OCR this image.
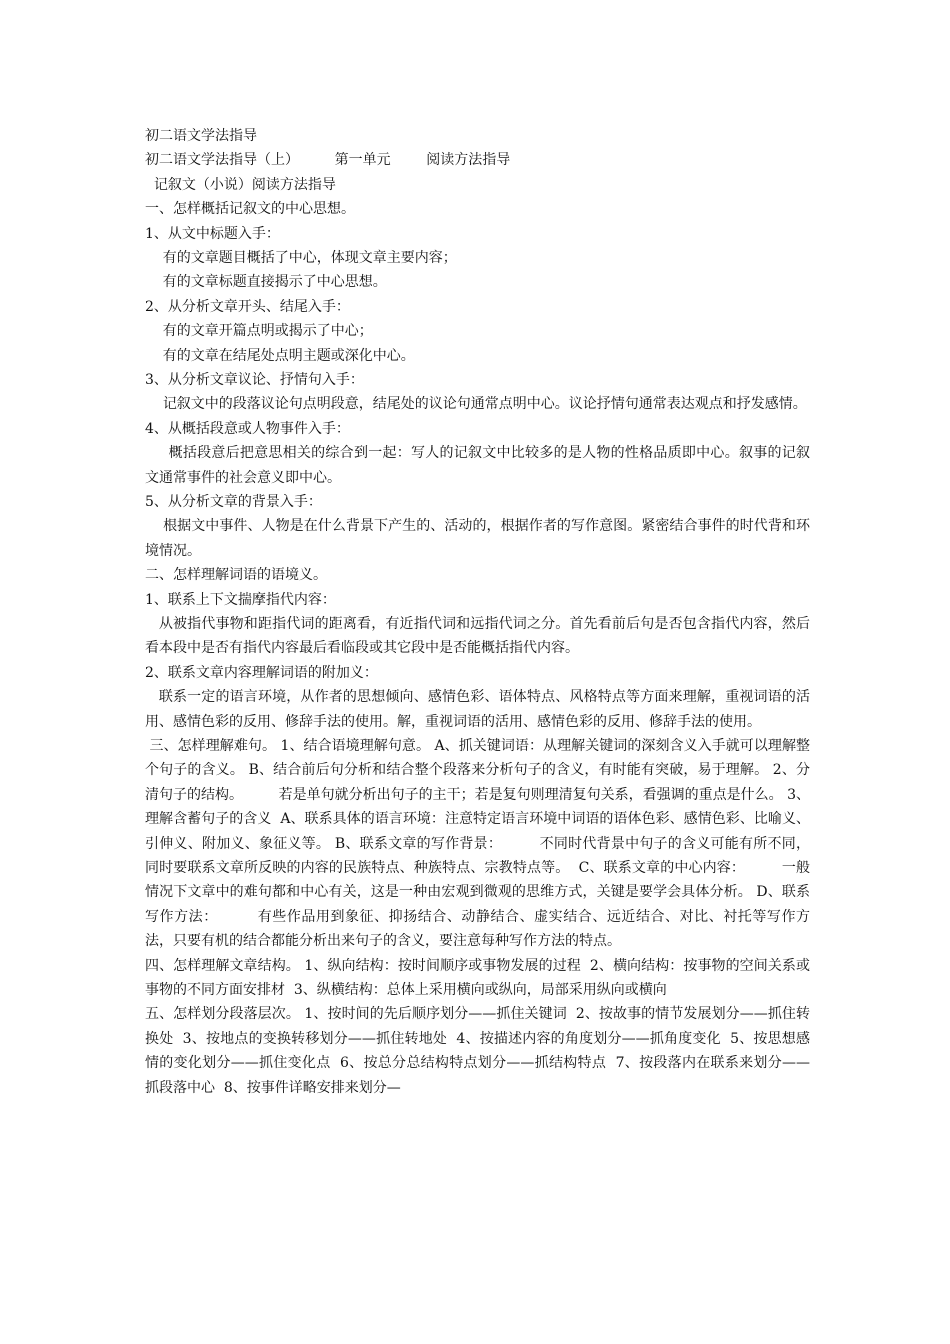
初二语文学法指导

初二语文学法指导（上）        第一单元        阅读方法指导

记叙文（小说）阅读方法指导

一、怎样概括记叙文的中心思想。

1、从文中标题入手：

有的文章题目概括了中心，体现文章主要内容；

有的文章标题直接揭示了中心思想。

2、从分析文章开头、结尾入手：

有的文章开篇点明或揭示了中心；

有的文章在结尾处点明主题或深化中心。

3、从分析文章议论、抒情句入手：

记叙文中的段落议论句点明段意，结尾处的议论句通常点明中心。议论抒情句通常表达观点和抒发感情。

4、从概括段意或人物事件入手：

概括段意后把意思相关的综合到一起：写人的记叙文中比较多的是人物的性格品质即中心。叙事的记叙文通常事件的社会意义即中心。

5、从分析文章的背景入手：

根据文中事件、人物是在什么背景下产生的、活动的，根据作者的写作意图。紧密结合事件的时代背和环境情况。

二、怎样理解词语的语境义。

1、联系上下文揣摩指代内容：

从被指代事物和距指代词的距离看，有近指代词和远指代词之分。首先看前后句是否包含指代内容，然后看本段中是否有指代内容最后看临段或其它段中是否能概括指代内容。

2、联系文章内容理解词语的附加义：

联系一定的语言环境，从作者的思想倾向、感情色彩、语体特点、风格特点等方面来理解，重视词语的活用、感情色彩的反用、修辞手法的使用。解，重视词语的活用、感情色彩的反用、修辞手法的使用。

三、怎样理解难句。 1、结合语境理解句意。 A、抓关键词语：从理解关键词的深刻含义入手就可以理解整个句子的含义。 B、结合前后句分析和结合整个段落来分析句子的含义，有时能有突破，易于理解。 2、分清句子的结构。        若是单句就分析出句子的主干；若是复句则理清复句关系，看强调的重点是什么。 3、理解含蓄句子的含义  A、联系具体的语言环境：注意特定语言环境中词语的语体色彩、感情色彩、比喻义、引伸义、附加义、象征义等。 B、联系文章的写作背景：        不同时代背景中句子的含义可能有所不同，同时要联系文章所反映的内容的民族特点、种族特点、宗教特点等。  C、联系文章的中心内容：        一般情况下文章中的难句都和中心有关，这是一种由宏观到微观的思维方式，关键是要学会具体分析。 D、联系写作方法：        有些作品用到象征、抑扬结合、动静结合、虚实结合、远近结合、对比、衬托等写作方法，只要有机的结合都能分析出来句子的含义，要注意每种写作方法的特点。

四、怎样理解文章结构。 1、纵向结构：按时间顺序或事物发展的过程  2、横向结构：按事物的空间关系或事物的不同方面安排材  3、纵横结构：总体上采用横向或纵向，局部采用纵向或横向

五、怎样划分段落层次。 1、按时间的先后顺序划分——抓住关键词  2、按故事的情节发展划分——抓住转换处  3、按地点的变换转移划分——抓住转地处  4、按描述内容的角度划分——抓角度变化  5、按思想感情的变化划分——抓住变化点  6、按总分总结构特点划分——抓结构特点  7、按段落内在联系来划分——抓段落中心  8、按事件详略安排来划分—
